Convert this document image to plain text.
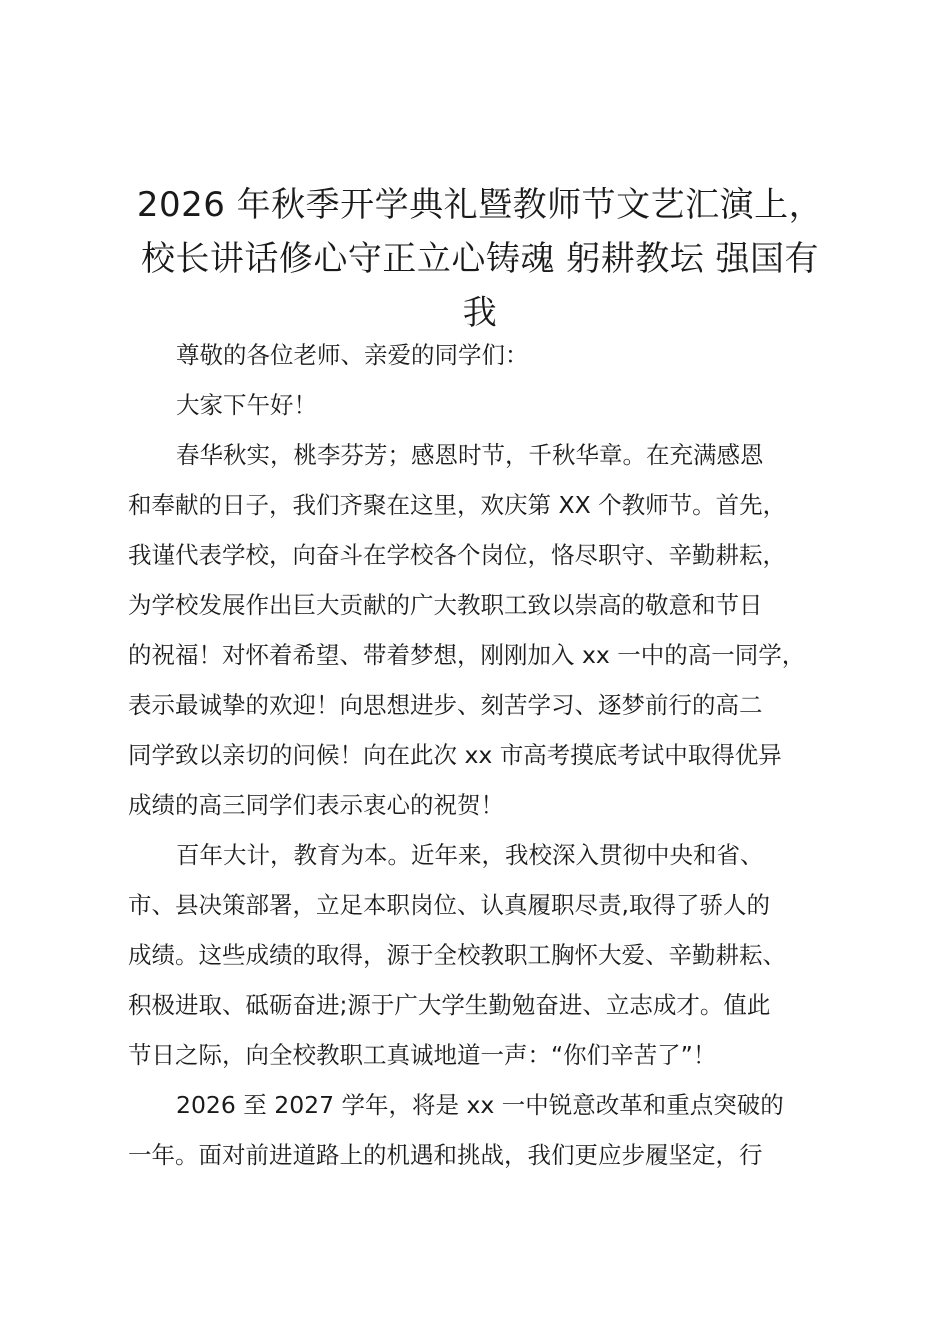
2026 年秋季开学典礼暨教师节文艺汇演上，
校长讲话修心守正立心铸魂 躬耕教坛 强国有
我
尊敬的各位老师、亲爱的同学们：
大家下午好！
春华秋实，桃李芬芳；感恩时节，千秋华章。在充满感恩
和奉献的日子，我们齐聚在这里，欢庆第 XX 个教师节。首先，
我谨代表学校，向奋斗在学校各个岗位，恪尽职守、辛勤耕耘，
为学校发展作出巨大贡献的广大教职工致以崇高的敬意和节日
的祝福！对怀着希望、带着梦想，刚刚加入 xx 一中的高一同学，
表示最诚挚的欢迎！向思想进步、刻苦学习、逐梦前行的高二
同学致以亲切的问候！向在此次 xx 市高考摸底考试中取得优异
成绩的高三同学们表示衷心的祝贺！
百年大计，教育为本。近年来，我校深入贯彻中央和省、
市、县决策部署，立足本职岗位、认真履职尽责,取得了骄人的
成绩。这些成绩的取得，源于全校教职工胸怀大爱、辛勤耕耘、
积极进取、砥砺奋进;源于广大学生勤勉奋进、立志成才。值此
节日之际，向全校教职工真诚地道一声：“你们辛苦了”！
2026 至 2027 学年，将是 xx 一中锐意改革和重点突破的
一年。面对前进道路上的机遇和挑战，我们更应步履坚定，行
